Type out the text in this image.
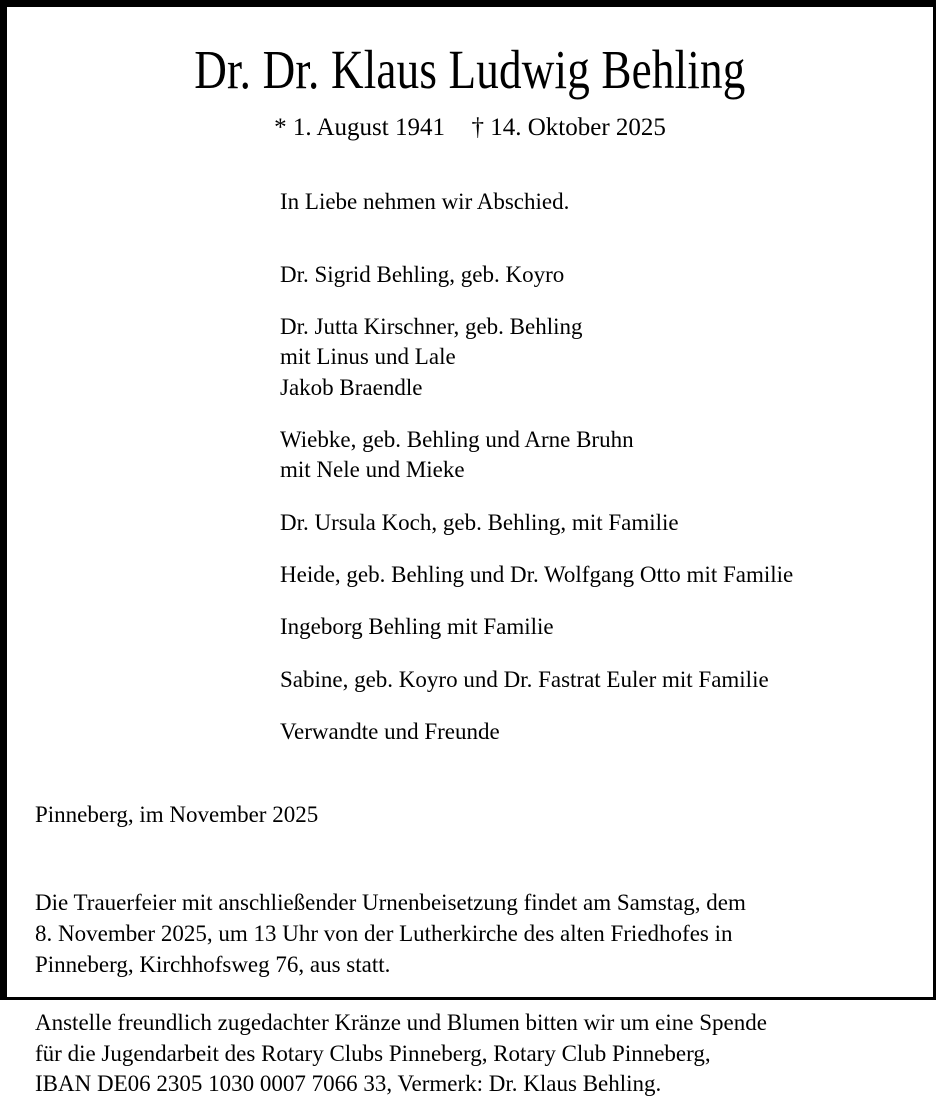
Dr. Dr. Klaus Ludwig Behling

* 1. August 1941 † 14. Oktober 2025

In Liebe nehmen wir Abschied.

Dr. Sigrid Behling, geb. Koyro
Dr. Jutta Kirschner, geb. Behling
mit Linus und Lale
Jakob Braendle
Wiebke, geb. Behling und Arne Bruhn
mit Nele und Mieke
Dr. Ursula Koch, geb. Behling, mit Familie
Heide, geb. Behling und Dr. Wolfgang Otto mit Familie
Ingeborg Behling mit Familie
Sabine, geb. Koyro und Dr. Fastrat Euler mit Familie
Verwandte und Freunde

Pinneberg, im November 2025

Die Trauerfeier mit anschließender Urnenbeisetzung findet am Samstag, dem
8. November 2025, um 13 Uhr von der Lutherkirche des alten Friedhofes in
Pinneberg, Kirchhofsweg 76, aus statt.

Anstelle freundlich zugedachter Kränze und Blumen bitten wir um eine Spende
für die Jugendarbeit des Rotary Clubs Pinneberg, Rotary Club Pinneberg,
IBAN DE06 2305 1030 0007 7066 33, Vermerk: Dr. Klaus Behling.
